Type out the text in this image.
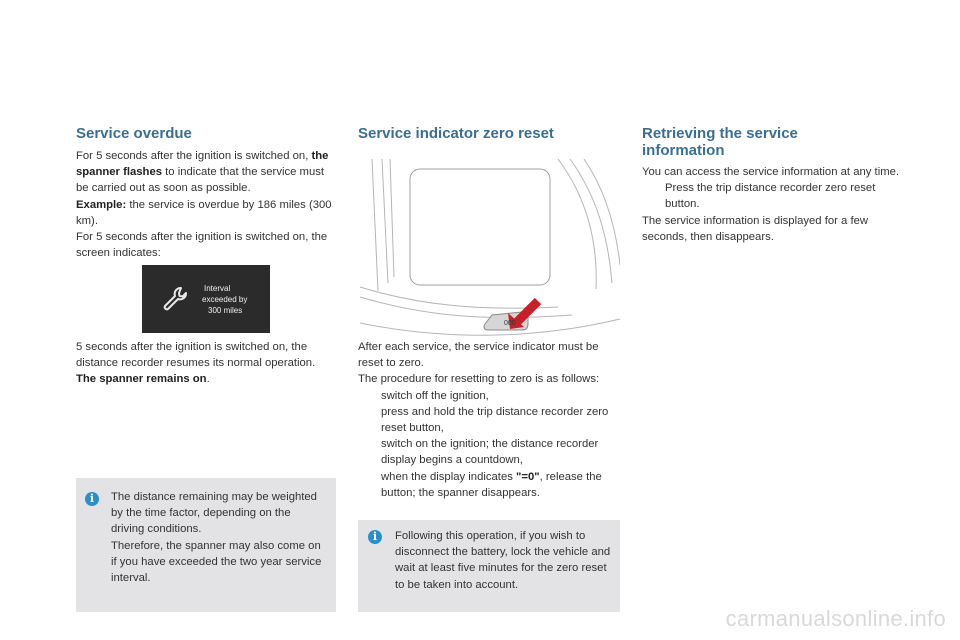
Service overdue

For 5 seconds after the ignition is switched on, the spanner flashes to indicate that the service must be carried out as soon as possible.

Example: the service is overdue by 186 miles (300 km).

For 5 seconds after the ignition is switched on, the screen indicates:

Interval
exceeded by
300 miles

5 seconds after the ignition is switched on, the distance recorder resumes its normal operation. The spanner remains on.

i	The distance remaining may be weighted by the time factor, depending on the driving conditions.
Therefore, the spanner may also come on if you have exceeded the two year service interval.
Service indicator zero reset
000

After each service, the service indicator must be reset to zero.

The procedure for resetting to zero is as follows:

switch off the ignition,
press and hold the trip distance recorder zero reset button,
switch on the ignition; the distance recorder display begins a countdown,
when the display indicates "=0", release the button; the spanner disappears.
i	Following this operation, if you wish to disconnect the battery, lock the vehicle and wait at least five minutes for the zero reset to be taken into account.
Retrieving the service information

You can access the service information at any time.

Press the trip distance recorder zero reset button.

The service information is displayed for a few seconds, then disappears.

carmanualsonline.info
